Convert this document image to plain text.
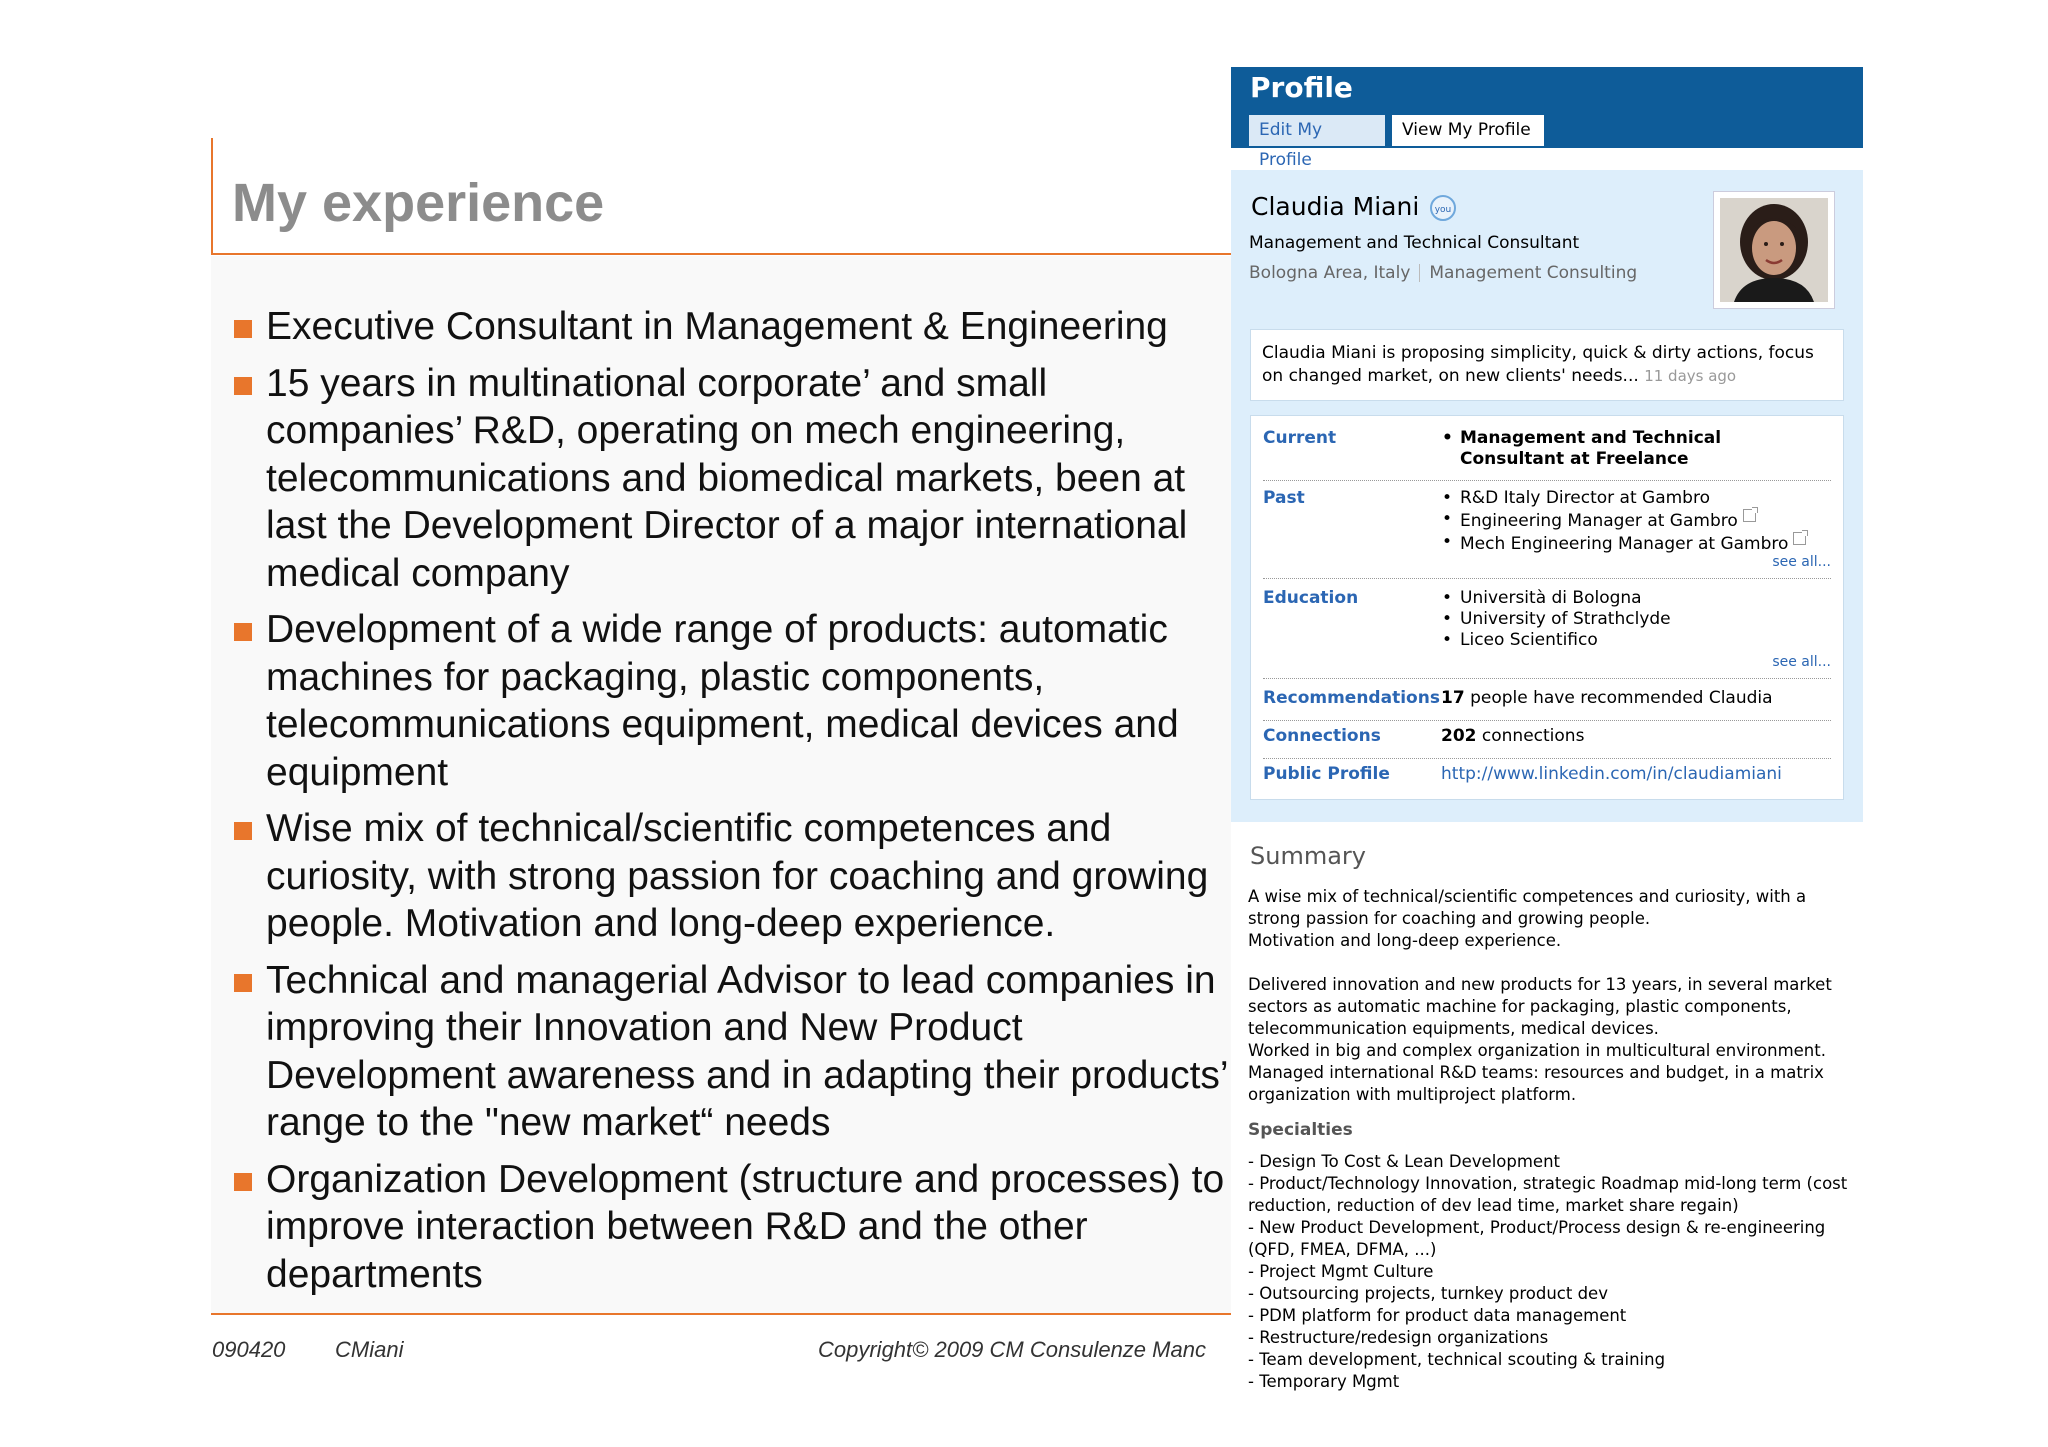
My experience
Executive Consultant in Management & Engineering
15 years in multinational corporate’ and small companies’ R&D, operating on mech engineering, telecommunications and biomedical markets, been at last the Development Director of a major international medical company
Development of a wide range of products: automatic machines for packaging, plastic components, telecommunications equipment, medical devices and equipment
Wise mix of technical/scientific competences and curiosity, with strong passion for coaching and growing people. Motivation and long-deep experience.
Technical and managerial Advisor to lead companies in improving their Innovation and New Product Development awareness and in adapting their products’ range to the "new market“ needs
Organization Development (structure and processes) to improve interaction between R&D and the other departments
090420 CMiani	Copyright© 2009 CM Consulenze Manc
Profile
Edit My Profile
View My Profile
Claudia Miani	you
Management and Technical Consultant
Bologna Area, Italy Management Consulting
Claudia Miani is proposing simplicity, quick & dirty actions, focus on changed market, on new clients' needs... 11 days ago
Current	• Management and Technical Consultant at Freelance
Past	• R&D Italy Director at Gambro
• Engineering Manager at Gambro
• Mech Engineering Manager at Gambro
see all...
Education	• Università di Bologna
• University of Strathclyde
• Liceo Scientifico
see all...
Recommendations 17 people have recommended Claudia
Connections	202 connections
Public Profile	http://www.linkedin.com/in/claudiamiani
Summary

A wise mix of technical/scientific competences and curiosity, with a strong passion for coaching and growing people.
Motivation and long-deep experience.

Delivered innovation and new products for 13 years, in several market sectors as automatic machine for packaging, plastic components, telecommunication equipments, medical devices.
Worked in big and complex organization in multicultural environment.
Managed international R&D teams: resources and budget, in a matrix organization with multiproject platform.

Specialties

- Design To Cost & Lean Development
- Product/Technology Innovation, strategic Roadmap mid-long term (cost reduction, reduction of dev lead time, market share regain)
- New Product Development, Product/Process design & re-engineering (QFD, FMEA, DFMA, ...)
- Project Mgmt Culture
- Outsourcing projects, turnkey product dev
- PDM platform for product data management
- Restructure/redesign organizations
- Team development, technical scouting & training
- Temporary Mgmt
